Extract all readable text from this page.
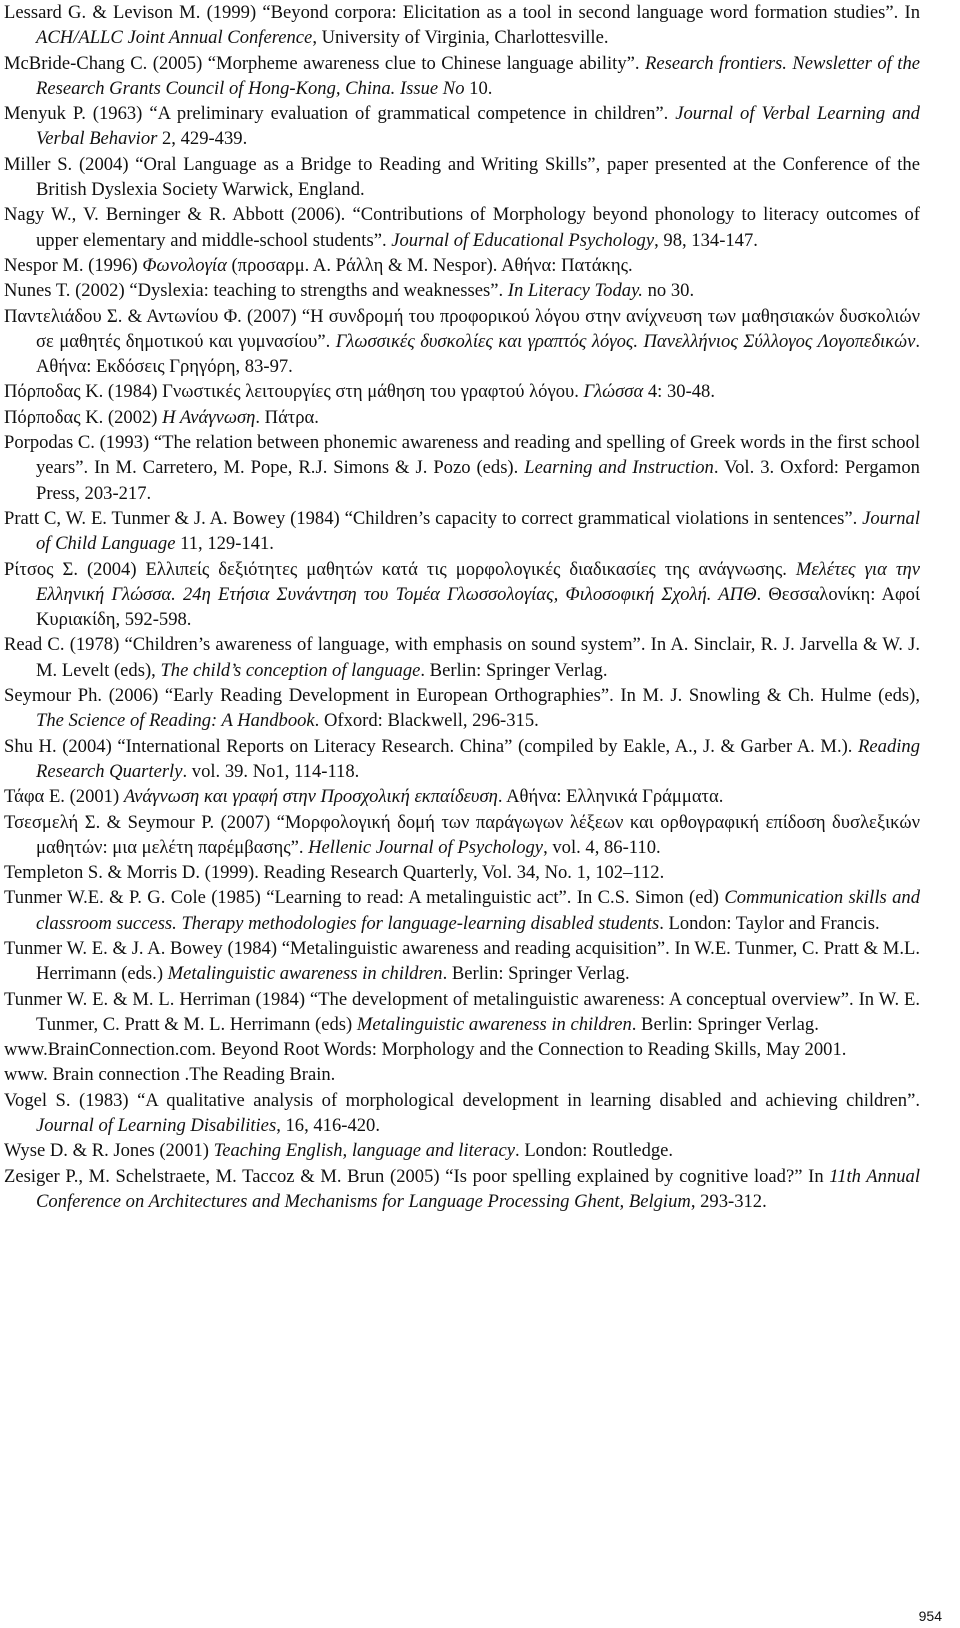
Lessard G. & Levison M. (1999) “Beyond corpora: Elicitation as a tool in second language word formation studies”. In ACH/ALLC Joint Annual Conference, University of Virginia, Charlottesville.

McBride-Chang C. (2005) “Morpheme awareness clue to Chinese language ability”. Research frontiers. Newsletter of the Research Grants Council of Hong-Kong, China. Issue No 10.

Menyuk P. (1963) “A preliminary evaluation of grammatical competence in children”. Journal of Verbal Learning and Verbal Behavior 2, 429-439.

Miller S. (2004) “Oral Language as a Bridge to Reading and Writing Skills”, paper presented at the Conference of the British Dyslexia Society Warwick, England.

Nagy W., V. Berninger & R. Abbott (2006). “Contributions of Morphology beyond phonology to literacy outcomes of upper elementary and middle-school students”. Journal of Educational Psychology, 98, 134-147.

Nespor M. (1996) Φωνολογία (προσαρμ. Α. Ράλλη & Μ. Nespor). Αθήνα: Πατάκης.

Nunes T. (2002) “Dyslexia: teaching to strengths and weaknesses”. In Literacy Today. no 30.

Παντελιάδου Σ. & Αντωνίου Φ. (2007) “Η συνδρομή του προφορικού λόγου στην ανίχνευση των μαθησιακών δυσκολιών σε μαθητές δημοτικού και γυμνασίου”. Γλωσσικές δυσκολίες και γραπτός λόγος. Πανελλήνιος Σύλλογος Λογοπεδικών. Αθήνα: Εκδόσεις Γρηγόρη, 83-97.

Πόρποδας Κ. (1984) Γνωστικές λειτουργίες στη μάθηση του γραφτού λόγου. Γλώσσα 4: 30-48.

Πόρποδας Κ. (2002) Η Ανάγνωση. Πάτρα.

Porpodas C. (1993) “The relation between phonemic awareness and reading and spelling of Greek words in the first school years”. In M. Carretero, M. Pope, R.J. Simons & J. Pozo (eds). Learning and Instruction. Vol. 3. Oxford: Pergamon Press, 203-217.

Pratt C, W. E. Tunmer & J. A. Bowey (1984) “Children’s capacity to correct grammatical violations in sentences”. Journal of Child Language 11, 129-141.

Ρίτσος Σ. (2004) Ελλιπείς δεξιότητες μαθητών κατά τις μορφολογικές διαδικασίες της ανάγνωσης. Μελέτες για την Ελληνική Γλώσσα. 24η Ετήσια Συνάντηση του Τομέα Γλωσσολογίας, Φιλοσοφική Σχολή. ΑΠΘ. Θεσσαλονίκη: Αφοί Κυριακίδη, 592-598.

Read C. (1978) “Children’s awareness of language, with emphasis on sound system”. In A. Sinclair, R. J. Jarvella & W. J. M. Levelt (eds), The child’s conception of language. Berlin: Springer Verlag.

Seymour Ph. (2006) “Early Reading Development in European Orthographies”. In M. J. Snowling & Ch. Hulme (eds), The Science of Reading: A Handbook. Ofxord: Blackwell, 296-315.

Shu H. (2004) “International Reports on Literacy Research. China” (compiled by Eakle, A., J. & Garber A. M.). Reading Research Quarterly. vol. 39. No1, 114-118.

Τάφα Ε. (2001) Ανάγνωση και γραφή στην Προσχολική εκπαίδευση. Αθήνα: Ελληνικά Γράμματα.

Τσεσμελή Σ. & Seymour P. (2007) “Μορφολογική δομή των παράγωγων λέξεων και ορθογραφική επίδοση δυσλεξικών μαθητών: μια μελέτη παρέμβασης”. Hellenic Journal of Psychology, vol. 4, 86-110.

Templeton S. & Morris D. (1999). Reading Research Quarterly, Vol. 34, No. 1, 102–112.

Tunmer W.E. & P. G. Cole (1985) “Learning to read: A metalinguistic act”. In C.S. Simon (ed) Communication skills and classroom success. Therapy methodologies for language-learning disabled students. London: Taylor and Francis.

Tunmer W. E. & J. A. Bowey (1984) “Metalinguistic awareness and reading acquisition”. In W.E. Tunmer, C. Pratt & M.L. Herrimann (eds.) Metalinguistic awareness in children. Berlin: Springer Verlag.

Tunmer W. E. & M. L. Herriman (1984) “The development of metalinguistic awareness: A conceptual overview”. In W. E. Tunmer, C. Pratt & M. L. Herrimann (eds) Metalinguistic awareness in children. Berlin: Springer Verlag.

www.BrainConnection.com. Beyond Root Words: Morphology and the Connection to Reading Skills, May 2001.

www. Brain connection .The Reading Brain.

Vogel S. (1983) “A qualitative analysis of morphological development in learning disabled and achieving children”. Journal of Learning Disabilities, 16, 416-420.

Wyse D. & R. Jones (2001) Teaching English, language and literacy. London: Routledge.

Zesiger P., M. Schelstraete, M. Taccoz & M. Brun (2005) “Is poor spelling explained by cognitive load?” In 11th Annual Conference on Architectures and Mechanisms for Language Processing Ghent, Belgium, 293-312.

954
